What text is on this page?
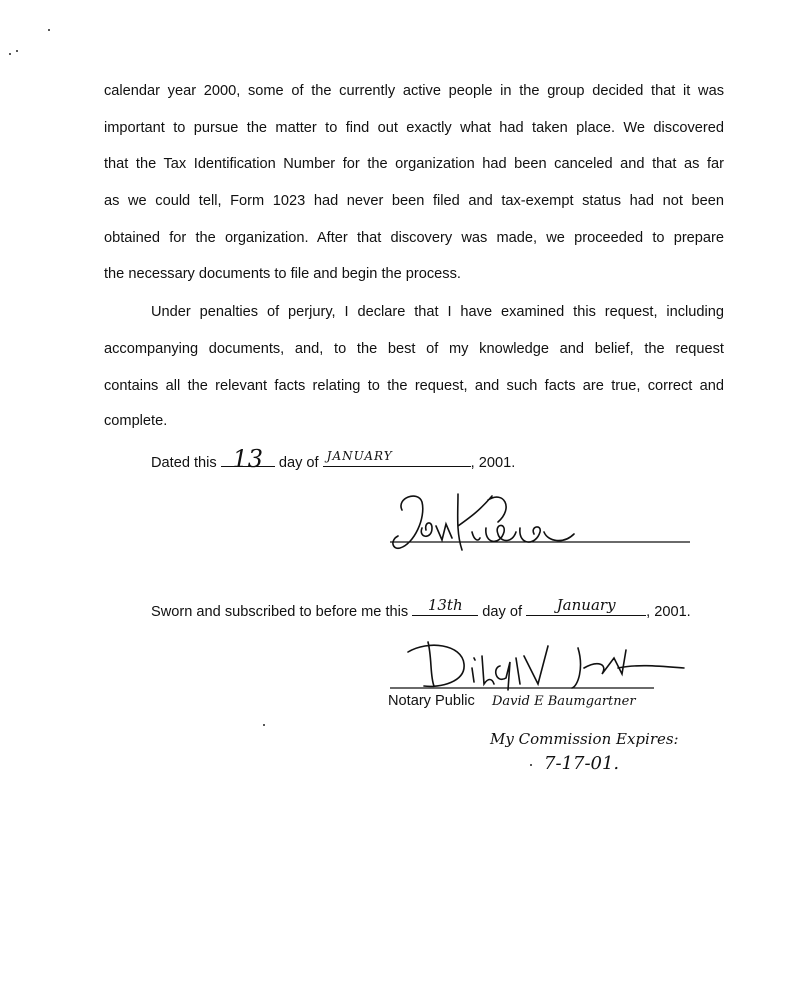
calendar year 2000, some of the currently active people in the group decided that it was
important to pursue the matter to find out exactly what had taken place. We discovered
that the Tax Identification Number for the organization had been canceled and that as far
as we could tell, Form 1023 had never been filed and tax-exempt status had not been
obtained for the organization. After that discovery was made, we proceeded to prepare
the necessary documents to file and begin the process.
Under penalties of perjury, I declare that I have examined this request, including
accompanying documents, and, to the best of my knowledge and belief, the request
contains all the relevant facts relating to the request, and such facts are true, correct and
complete.
Dated this 13	day of JANUARY	, 2001.
Sworn and subscribed to before me this	13th	day of	January	, 2001.
Notary Public David E Baumgartner
My Commission Expires:
7-17-01.
